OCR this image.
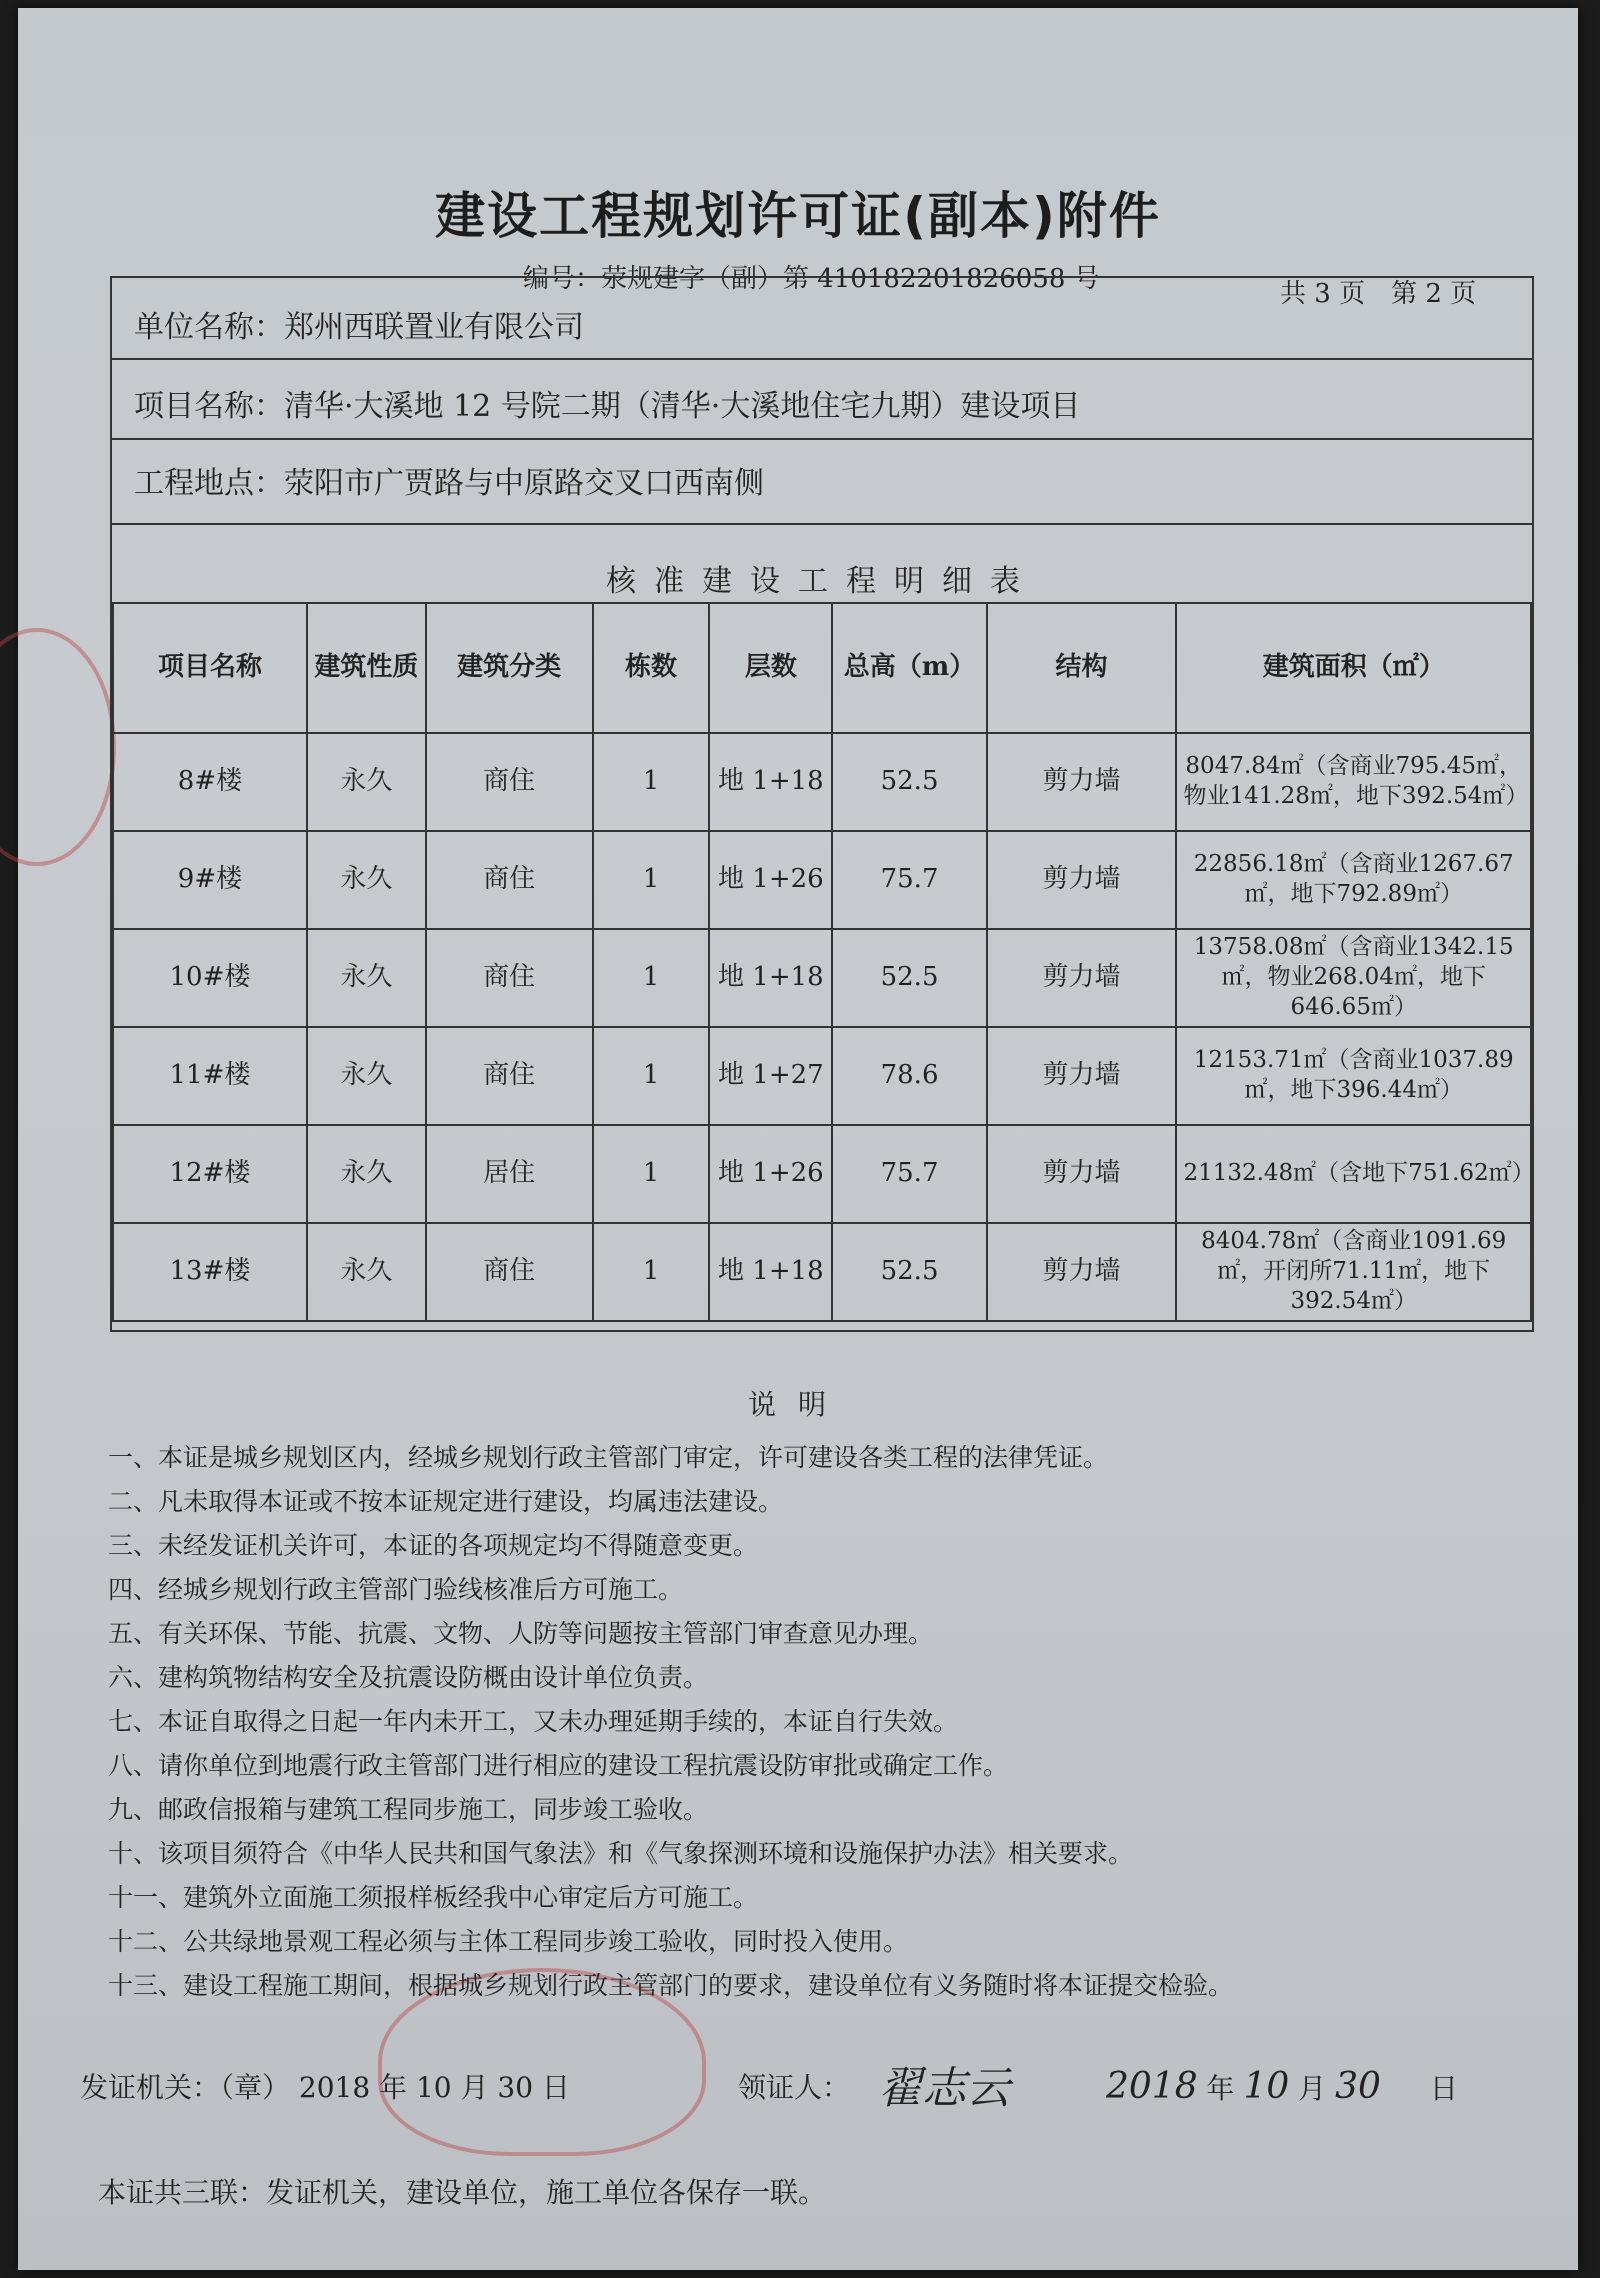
建设工程规划许可证(副本)附件
编号：荥规建字（副）第 410182201826058 号	共 3 页 第 2 页
单位名称：郑州西联置业有限公司
项目名称：清华·大溪地 12 号院二期（清华·大溪地住宅九期）建设项目
工程地点：荥阳市广贾路与中原路交叉口西南侧
核准建设工程明细表
项目名称	建筑性质	建筑分类	栋数	层数	总高（m）	结构	建筑面积（㎡）
8#楼	永久	商住	1	地 1+18	52.5	剪力墙	8047.84㎡（含商业795.45㎡，物业141.28㎡，地下392.54㎡）
9#楼	永久	商住	1	地 1+26	75.7	剪力墙	22856.18㎡（含商业1267.67㎡，地下792.89㎡）
10#楼	永久	商住	1	地 1+18	52.5	剪力墙	13758.08㎡（含商业1342.15㎡，物业268.04㎡，地下646.65㎡）
11#楼	永久	商住	1	地 1+27	78.6	剪力墙	12153.71㎡（含商业1037.89㎡，地下396.44㎡）
12#楼	永久	居住	1	地 1+26	75.7	剪力墙	21132.48㎡（含地下751.62㎡）
13#楼	永久	商住	1	地 1+18	52.5	剪力墙	8404.78㎡（含商业1091.69㎡，开闭所71.11㎡，地下392.54㎡）
说明
一、本证是城乡规划区内，经城乡规划行政主管部门审定，许可建设各类工程的法律凭证。
二、凡未取得本证或不按本证规定进行建设，均属违法建设。
三、未经发证机关许可，本证的各项规定均不得随意变更。
四、经城乡规划行政主管部门验线核准后方可施工。
五、有关环保、节能、抗震、文物、人防等问题按主管部门审查意见办理。
六、建构筑物结构安全及抗震设防概由设计单位负责。
七、本证自取得之日起一年内未开工，又未办理延期手续的，本证自行失效。
八、请你单位到地震行政主管部门进行相应的建设工程抗震设防审批或确定工作。
九、邮政信报箱与建筑工程同步施工，同步竣工验收。
十、该项目须符合《中华人民共和国气象法》和《气象探测环境和设施保护办法》相关要求。
十一、建筑外立面施工须报样板经我中心审定后方可施工。
十二、公共绿地景观工程必须与主体工程同步竣工验收，同时投入使用。
十三、建设工程施工期间，根据城乡规划行政主管部门的要求，建设单位有义务随时将本证提交检验。
发证机关：（章） 2018 年 10 月 30 日	领证人： 翟志云	2018 年 10 月 30 日
本证共三联：发证机关，建设单位，施工单位各保存一联。
